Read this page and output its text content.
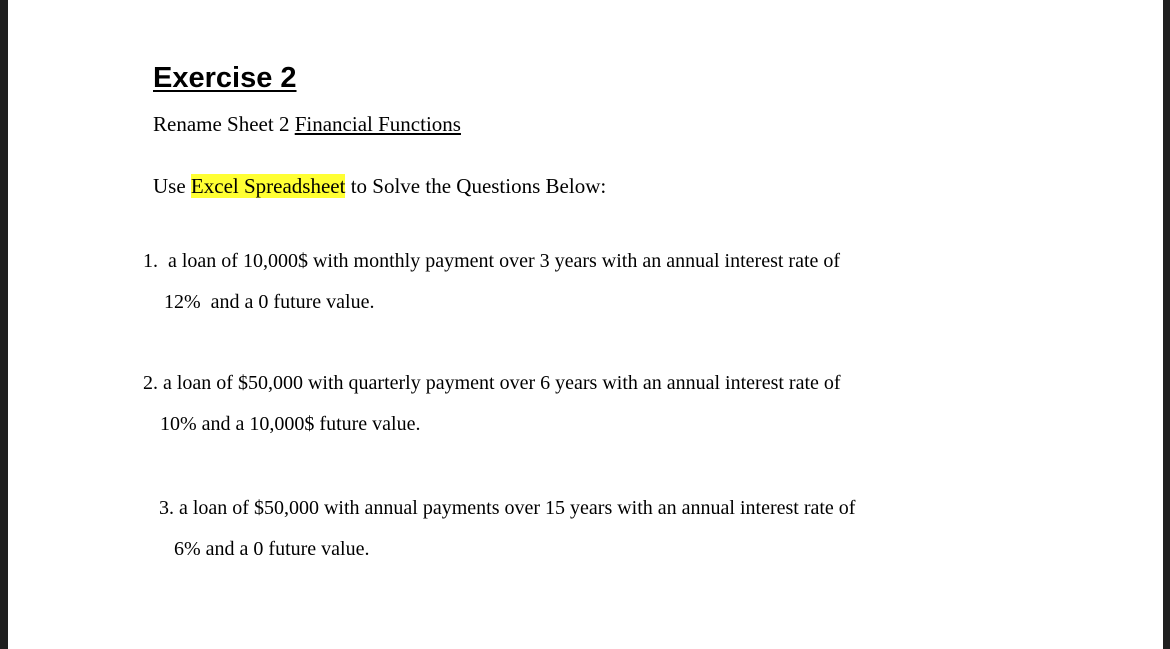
Exercise 2
Rename Sheet 2 Financial Functions
Use Excel Spreadsheet to Solve the Questions Below:
1.  a loan of 10,000$ with monthly payment over 3 years with an annual interest rate of
12%  and a 0 future value.
2. a loan of $50,000 with quarterly payment over 6 years with an annual interest rate of
10% and a 10,000$ future value.
3. a loan of $50,000 with annual payments over 15 years with an annual interest rate of
6% and a 0 future value.
